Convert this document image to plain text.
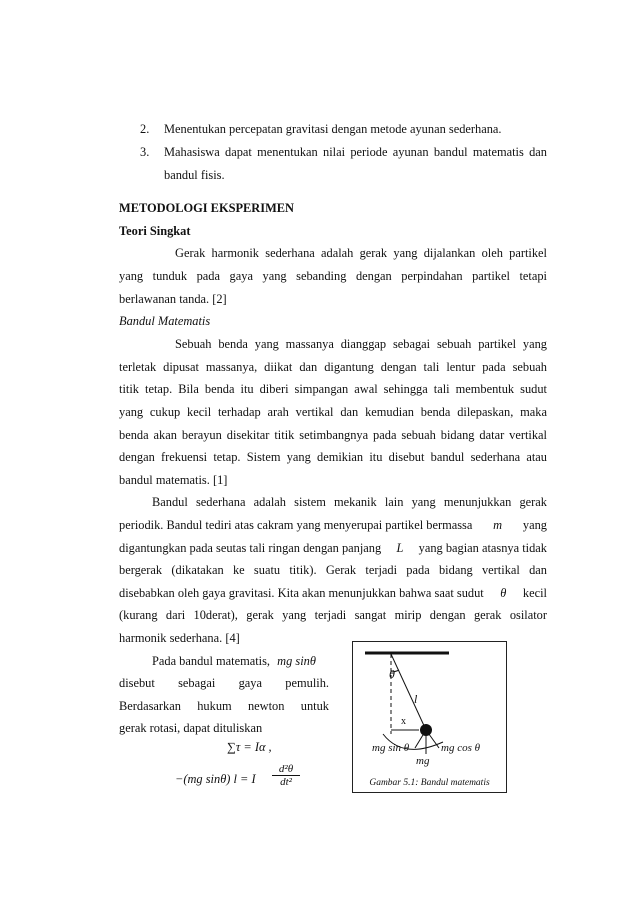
2. Menentukan percepatan gravitasi dengan metode ayunan sederhana.
3. Mahasiswa dapat menentukan nilai periode ayunan bandul matematis dan
bandul fisis.
METODOLOGI EKSPERIMEN
Teori Singkat
Gerak harmonik sederhana adalah gerak yang dijalankan oleh partikel
yang tunduk pada gaya yang sebanding dengan perpindahan partikel tetapi
berlawanan tanda. [2]
Bandul Matematis
Sebuah benda yang massanya dianggap sebagai sebuah partikel yang
terletak dipusat massanya, diikat dan digantung dengan tali lentur pada sebuah
titik tetap. Bila benda itu diberi simpangan awal sehingga tali membentuk sudut
yang cukup kecil terhadap arah vertikal dan kemudian benda dilepaskan, maka
benda akan berayun disekitar titik setimbangnya pada sebuah bidang datar vertikal
dengan frekuensi tetap. Sistem yang demikian itu disebut bandul sederhana atau
bandul matematis. [1]
Bandul sederhana adalah sistem mekanik lain yang menunjukkan gerak
periodik. Bandul tediri atas cakram yang menyerupai partikel bermassa m yang
digantungkan pada seutas tali ringan dengan panjang L yang bagian atasnya tidak
bergerak (dikatakan ke suatu titik). Gerak terjadi pada bidang vertikal dan
disebabkan oleh gaya gravitasi. Kita akan menunjukkan bahwa saat sudut θ kecil
(kurang dari 10derat), gerak yang terjadi sangat mirip dengan gerak osilator
harmonik sederhana. [4]
Pada bandul matematis, mg sinθ
disebut sebagai gaya pemulih.
Berdasarkan hukum newton untuk
gerak rotasi, dapat dituliskan
∑τ = Iα ,
−(mg sinθ) l = I $\frac{\text{d²θ}}{\text{dt²}}$
θ
l
x
mg sin θ	mg cos θ
mg
Gambar 5.1: Bandul matematis
